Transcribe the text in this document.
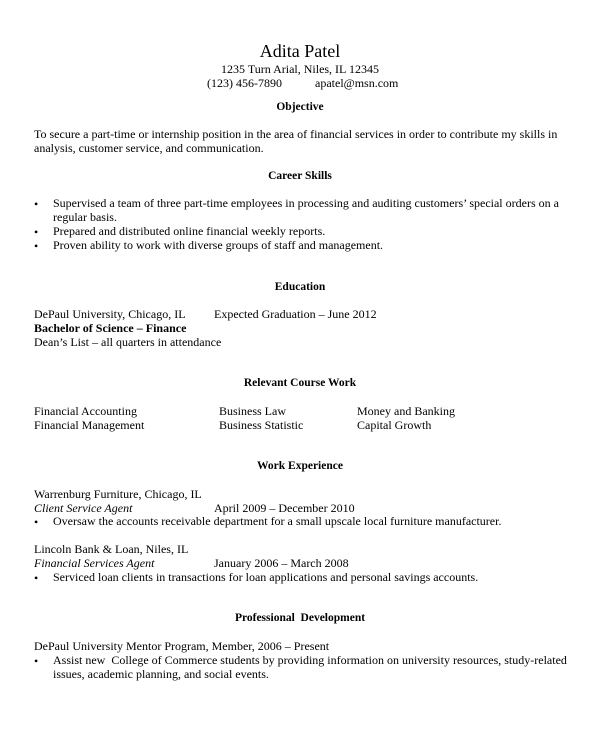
Adita Patel
1235 Turn Arial, Niles, IL 12345
(123) 456-7890	apatel@msn.com
Objective
To secure a part-time or internship position in the area of financial services in order to contribute my skills in
analysis, customer service, and communication.
Career Skills
• Supervised a team of three part-time employees in processing and auditing customers’ special orders on a
regular basis.
• Prepared and distributed online financial weekly reports.
• Proven ability to work with diverse groups of staff and management.
Education
DePaul University, Chicago, IL Expected Graduation – June 2012
Bachelor of Science – Finance
Dean’s List – all quarters in attendance
Relevant Course Work
Financial Accounting	Business Law	Money and Banking
Financial Management	Business Statistic	Capital Growth
Work Experience
Warrenburg Furniture, Chicago, IL
Client Service Agent	April 2009 – December 2010
• Oversaw the accounts receivable department for a small upscale local furniture manufacturer.
Lincoln Bank & Loan, Niles, IL
Financial Services Agent	January 2006 – March 2008
• Serviced loan clients in transactions for loan applications and personal savings accounts.
Professional  Development
DePaul University Mentor Program, Member, 2006 – Present
• Assist new  College of Commerce students by providing information on university resources, study-related
issues, academic planning, and social events.
